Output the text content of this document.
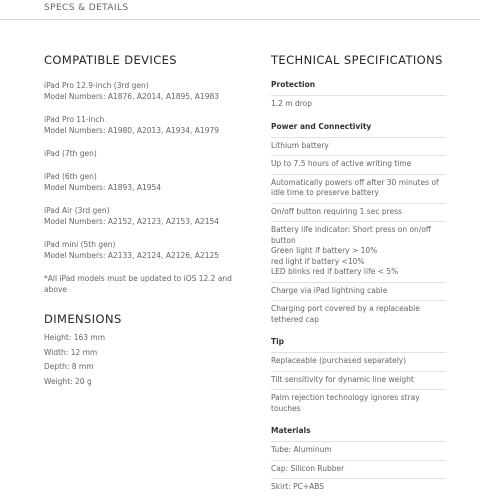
SPECS & DETAILS
COMPATIBLE DEVICES
iPad Pro 12.9-inch (3rd gen)
Model Numbers: A1876, A2014, A1895, A1983
iPad Pro 11-inch
Model Numbers: A1980, A2013, A1934, A1979
iPad (7th gen)
iPad (6th gen)
Model Numbers: A1893, A1954
iPad Air (3rd gen)
Model Numbers: A2152, A2123, A2153, A2154
iPad mini (5th gen)
Model Numbers: A2133, A2124, A2126, A2125
*All iPad models must be updated to iOS 12.2 and above
DIMENSIONS
Height: 163 mm
Width: 12 mm
Depth: 8 mm
Weight: 20 g
TECHNICAL SPECIFICATIONS
Protection
1.2 m drop
Power and Connectivity
Lithium battery
Up to 7.5 hours of active writing time
Automatically powers off after 30 minutes of idle time to preserve battery
On/off button requiring 1 sec press
Battery life indicator: Short press on on/off button
Green light if battery > 10%
red light if battery <10%
LED blinks red if battery life < 5%
Charge via iPad lightning cable
Charging port covered by a replaceable tethered cap
Tip
Replaceable (purchased separately)
Tilt sensitivity for dynamic line weight
Palm rejection technology ignores stray touches
Materials
Tube: Aluminum
Cap: Silicon Rubber
Skirt: PC+ABS
